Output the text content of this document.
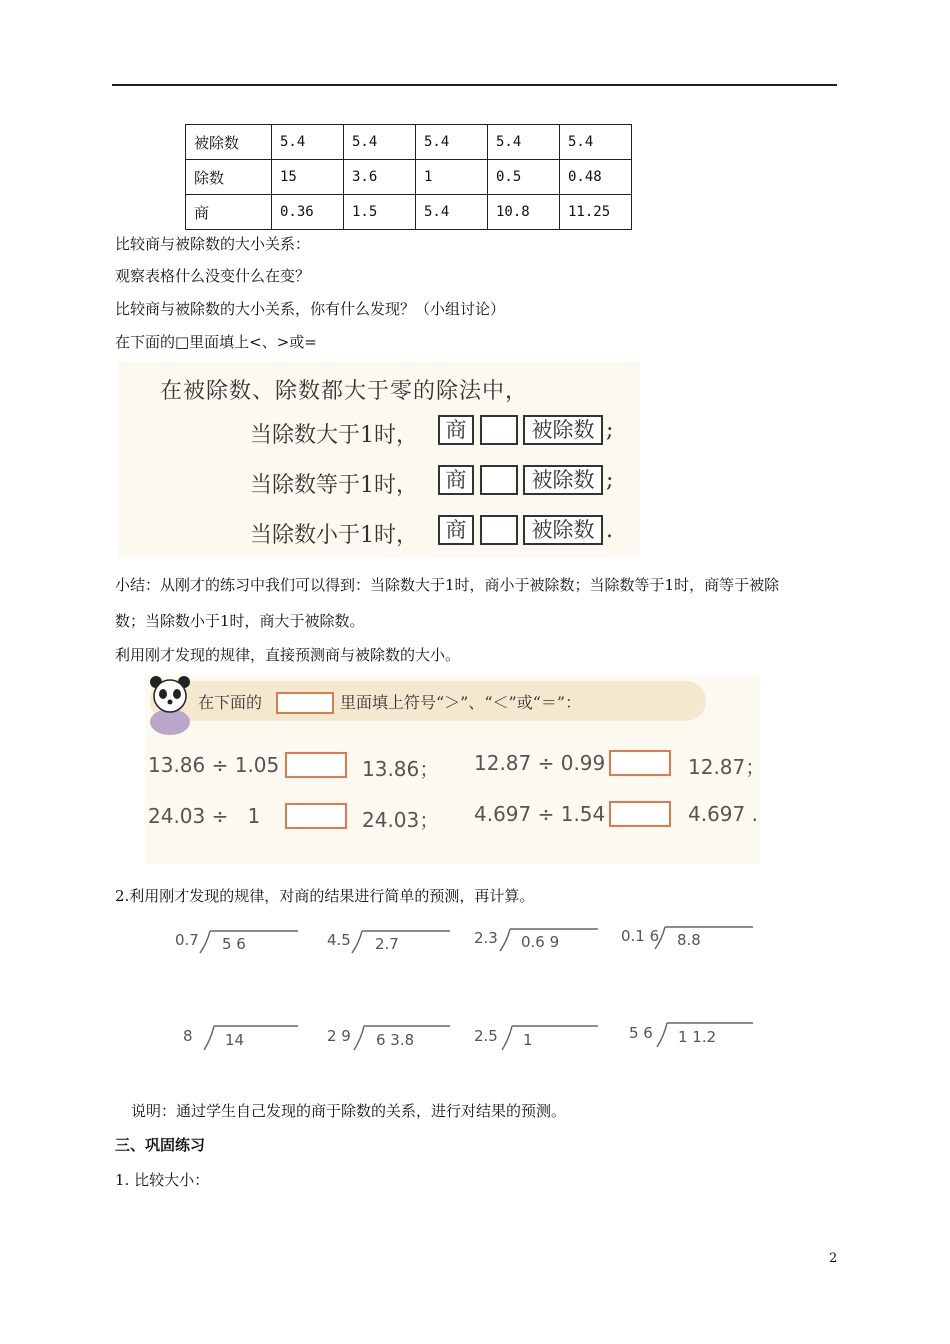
被除数	5.4	5.4	5.4	5.4	5.4
除数	15	3.6	1	0.5	0.48
商	0.36	1.5	5.4	10.8	11.25
比较商与被除数的大小关系：
观察表格什么没变什么在变？
比较商与被除数的大小关系，你有什么发现？（小组讨论）
在下面的□里面填上<、>或=
在被除数、除数都大于零的除法中，
当除数大于1时，	商	被除数 ;
当除数等于1时，	商	被除数 ;
当除数小于1时，	商	被除数 .
小结：从刚才的练习中我们可以得到：当除数大于1时，商小于被除数；当除数等于1时，商等于被除
数；当除数小于1时，商大于被除数。
利用刚才发现的规律，直接预测商与被除数的大小。
在下面的	里面填上符号“＞”、“＜”或“＝”：
13.86 ÷ 1.05	13.86； 12.87 ÷ 0.99	12.87；
24.03 ÷   1	24.03； 4.697 ÷ 1.54	4.697 .
2.利用刚才发现的规律，对商的结果进行简单的预测，再计算。
0.7 5 6	4.5 2.7	2.3 0.6 9	0.1 6 8.8
8 14	2 9 6 3.8	2.5 1	5 6 1 1.2
说明：通过学生自己发现的商于除数的关系，进行对结果的预测。
三、巩固练习
1. 比较大小：
2
